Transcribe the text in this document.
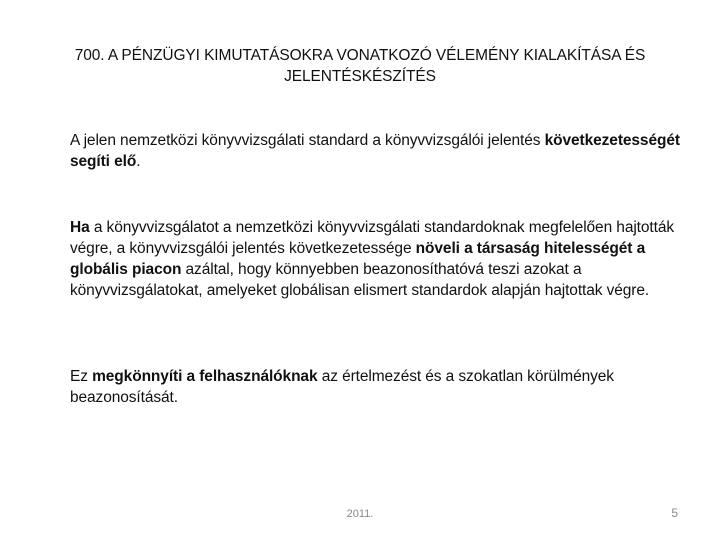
700. A PÉNZÜGYI KIMUTATÁSOKRA VONATKOZÓ VÉLEMÉNY KIALAKÍTÁSA ÉS
JELENTÉSKÉSZÍTÉS
A jelen nemzetközi könyvvizsgálati standard a könyvvizsgálói jelentés következetességét segíti elő.
Ha a könyvvizsgálatot a nemzetközi könyvvizsgálati standardoknak megfelelően hajtották végre, a könyvvizsgálói jelentés következetessége növeli a társaság hitelességét a globális piacon azáltal, hogy könnyebben beazonosíthatóvá teszi azokat a könyvvizsgálatokat, amelyeket globálisan elismert standardok alapján hajtottak végre.
Ez megkönnyíti a felhasználóknak az értelmezést és a szokatlan körülmények beazonosítását.
2011.	5
